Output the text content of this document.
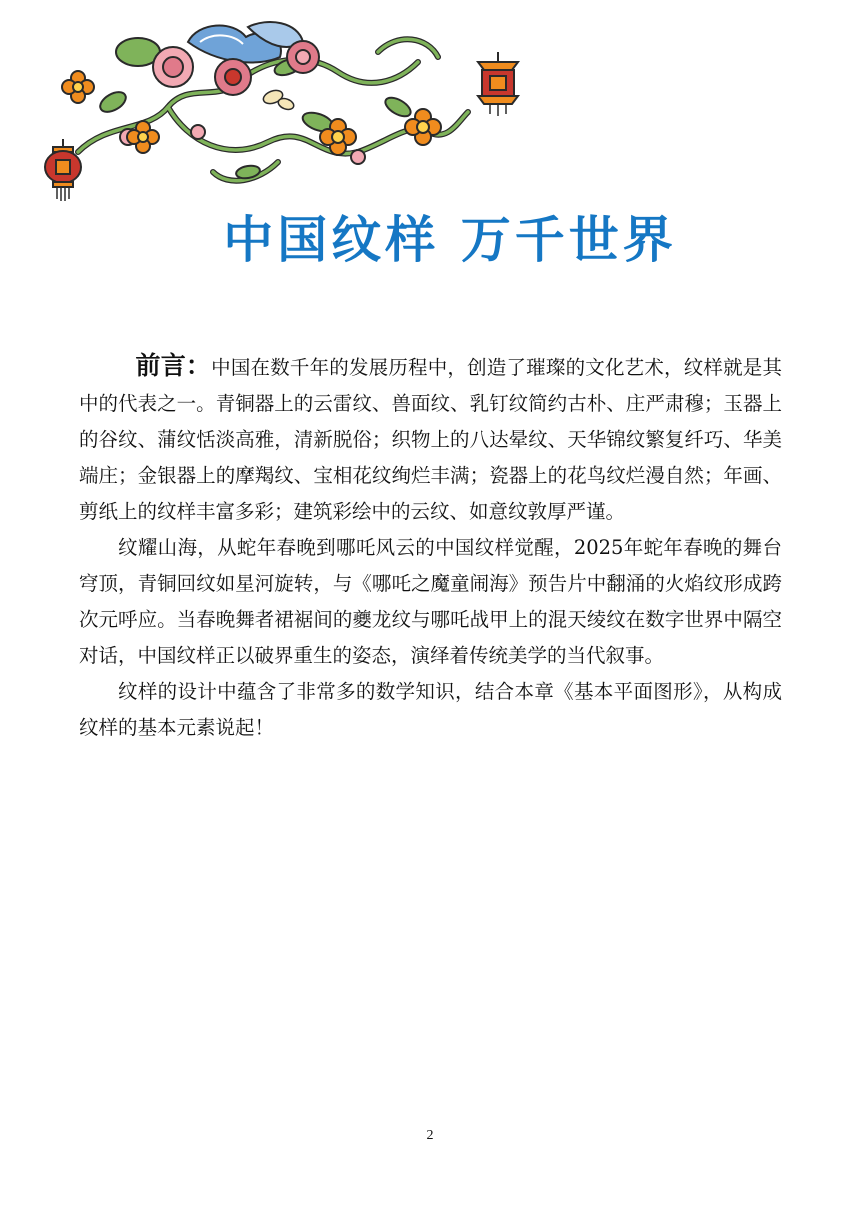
中国纹样 万千世界

前言：中国在数千年的发展历程中，创造了璀璨的文化艺术，纹样就是其中的代表之一。青铜器上的云雷纹、兽面纹、乳钉纹简约古朴、庄严肃穆；玉器上的谷纹、蒲纹恬淡高雅，清新脱俗；织物上的八达晕纹、天华锦纹繁复纤巧、华美端庄；金银器上的摩羯纹、宝相花纹绚烂丰满；瓷器上的花鸟纹烂漫自然；年画、剪纸上的纹样丰富多彩；建筑彩绘中的云纹、如意纹敦厚严谨。

纹耀山海，从蛇年春晚到哪吒风云的中国纹样觉醒，2025年蛇年春晚的舞台穹顶，青铜回纹如星河旋转，与《哪吒之魔童闹海》预告片中翻涌的火焰纹形成跨次元呼应。当春晚舞者裙裾间的夔龙纹与哪吒战甲上的混天绫纹在数字世界中隔空对话，中国纹样正以破界重生的姿态，演绎着传统美学的当代叙事。

纹样的设计中蕴含了非常多的数学知识，结合本章《基本平面图形》，从构成纹样的基本元素说起！

2
